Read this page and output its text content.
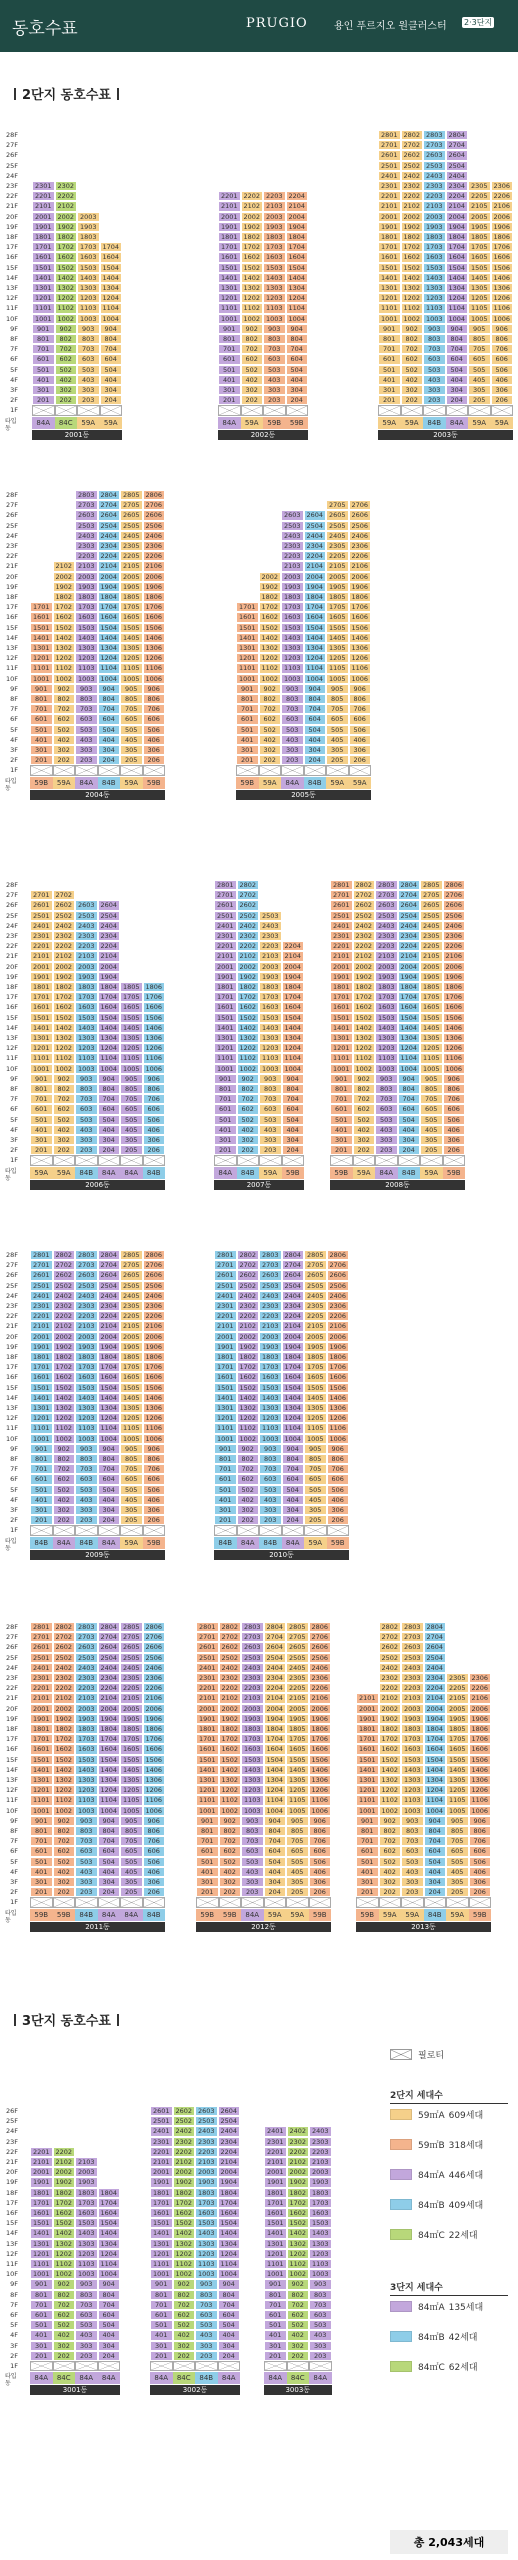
동호수표	PRUGIO	용인 푸르지오 원클러스터 2·3단지
2단지 동호수표
3단지 동호수표
1F
2F
3F
4F
5F
6F
7F
8F
9F
10F
11F
12F
13F
14F
15F
16F
17F
18F
19F
20F
21F
22F
23F
24F
25F
26F
27F
28F
타입
동
201
301
401
501
601
701
801
901
1001
1101
1201
1301
1401
1501
1601
1701
1801
1901
2001
2101
2201
2301
84A
202
302
402
502
602
702
802
902
1002
1102
1202
1302
1402
1502
1602
1702
1802
1902
2002
2102
2202
2302
84C
203
303
403
503
603
703
803
903
1003
1103
1203
1303
1403
1503
1603
1703
1803
1903
2003
59A
204
304
404
504
604
704
804
904
1004
1104
1204
1304
1404
1504
1604
1704
59A
2001동
201
301
401
501
601
701
801
901
1001
1101
1201
1301
1401
1501
1601
1701
1801
1901
2001
2101
2201
84A
202
302
402
502
602
702
802
902
1002
1102
1202
1302
1402
1502
1602
1702
1802
1902
2002
2102
2202
59A
203
303
403
503
603
703
803
903
1003
1103
1203
1303
1403
1503
1603
1703
1803
1903
2003
2103
2203
59B
204
304
404
504
604
704
804
904
1004
1104
1204
1304
1404
1504
1604
1704
1804
1904
2004
2104
2204
59B
2002동
201
301
401
501
601
701
801
901
1001
1101
1201
1301
1401
1501
1601
1701
1801
1901
2001
2101
2201
2301
2401
2501
2601
2701
2801
59A
202
302
402
502
602
702
802
902
1002
1102
1202
1302
1402
1502
1602
1702
1802
1902
2002
2102
2202
2302
2402
2502
2602
2702
2802
59A
203
303
403
503
603
703
803
903
1003
1103
1203
1303
1403
1503
1603
1703
1803
1903
2003
2103
2203
2303
2403
2503
2603
2703
2803
84B
204
304
404
504
604
704
804
904
1004
1104
1204
1304
1404
1504
1604
1704
1804
1904
2004
2104
2204
2304
2404
2504
2604
2704
2804
84A
205
305
405
505
605
705
805
905
1005
1105
1205
1305
1405
1505
1605
1705
1805
1905
2005
2105
2205
2305
59A
206
306
406
506
606
706
806
906
1006
1106
1206
1306
1406
1506
1606
1706
1806
1906
2006
2106
2206
2306
59A
2003동
1F
2F
3F
4F
5F
6F
7F
8F
9F
10F
11F
12F
13F
14F
15F
16F
17F
18F
19F
20F
21F
22F
23F
24F
25F
26F
27F
28F
타입
동
201
301
401
501
601
701
801
901
1001
1101
1201
1301
1401
1501
1601
1701
59B
202
302
402
502
602
702
802
902
1002
1102
1202
1302
1402
1502
1602
1702
1802
1902
2002
2102
59A
203
303
403
503
603
703
803
903
1003
1103
1203
1303
1403
1503
1603
1703
1803
1903
2003
2103
2203
2303
2403
2503
2603
2703
2803
84A
204
304
404
504
604
704
804
904
1004
1104
1204
1304
1404
1504
1604
1704
1804
1904
2004
2104
2204
2304
2404
2504
2604
2704
2804
84B
205
305
405
505
605
705
805
905
1005
1105
1205
1305
1405
1505
1605
1705
1805
1905
2005
2105
2205
2305
2405
2505
2605
2705
2805
59A
206
306
406
506
606
706
806
906
1006
1106
1206
1306
1406
1506
1606
1706
1806
1906
2006
2106
2206
2306
2406
2506
2606
2706
2806
59B
2004동
201
301
401
501
601
701
801
901
1001
1101
1201
1301
1401
1501
1601
1701
59B
202
302
402
502
602
702
802
902
1002
1102
1202
1302
1402
1502
1602
1702
1802
1902
2002
59A
203
303
403
503
603
703
803
903
1003
1103
1203
1303
1403
1503
1603
1703
1803
1903
2003
2103
2203
2303
2403
2503
2603
84A
204
304
404
504
604
704
804
904
1004
1104
1204
1304
1404
1504
1604
1704
1804
1904
2004
2104
2204
2304
2404
2504
2604
84B
205
305
405
505
605
705
805
905
1005
1105
1205
1305
1405
1505
1605
1705
1805
1905
2005
2105
2205
2305
2405
2505
2605
2705
59A
206
306
406
506
606
706
806
906
1006
1106
1206
1306
1406
1506
1606
1706
1806
1906
2006
2106
2206
2306
2406
2506
2606
2706
59A
2005동
1F
2F
3F
4F
5F
6F
7F
8F
9F
10F
11F
12F
13F
14F
15F
16F
17F
18F
19F
20F
21F
22F
23F
24F
25F
26F
27F
28F
타입
동
201
301
401
501
601
701
801
901
1001
1101
1201
1301
1401
1501
1601
1701
1801
1901
2001
2101
2201
2301
2401
2501
2601
2701
59A
202
302
402
502
602
702
802
902
1002
1102
1202
1302
1402
1502
1602
1702
1802
1902
2002
2102
2202
2302
2402
2502
2602
2702
59A
203
303
403
503
603
703
803
903
1003
1103
1203
1303
1403
1503
1603
1703
1803
1903
2003
2103
2203
2303
2403
2503
2603
84B
204
304
404
504
604
704
804
904
1004
1104
1204
1304
1404
1504
1604
1704
1804
1904
2004
2104
2204
2304
2404
2504
2604
84A
205
305
405
505
605
705
805
905
1005
1105
1205
1305
1405
1505
1605
1705
1805
84A
206
306
406
506
606
706
806
906
1006
1106
1206
1306
1406
1506
1606
1706
1806
84B
2006동
201
301
401
501
601
701
801
901
1001
1101
1201
1301
1401
1501
1601
1701
1801
1901
2001
2101
2201
2301
2401
2501
2601
2701
2801
84A
202
302
402
502
602
702
802
902
1002
1102
1202
1302
1402
1502
1602
1702
1802
1902
2002
2102
2202
2302
2402
2502
2602
2702
2802
84B
203
303
403
503
603
703
803
903
1003
1103
1203
1303
1403
1503
1603
1703
1803
1903
2003
2103
2203
2303
2403
2503
59A
204
304
404
504
604
704
804
904
1004
1104
1204
1304
1404
1504
1604
1704
1804
1904
2004
2104
2204
59B
2007동
201
301
401
501
601
701
801
901
1001
1101
1201
1301
1401
1501
1601
1701
1801
1901
2001
2101
2201
2301
2401
2501
2601
2701
2801
59B
202
302
402
502
602
702
802
902
1002
1102
1202
1302
1402
1502
1602
1702
1802
1902
2002
2102
2202
2302
2402
2502
2602
2702
2802
59A
203
303
403
503
603
703
803
903
1003
1103
1203
1303
1403
1503
1603
1703
1803
1903
2003
2103
2203
2303
2403
2503
2603
2703
2803
84A
204
304
404
504
604
704
804
904
1004
1104
1204
1304
1404
1504
1604
1704
1804
1904
2004
2104
2204
2304
2404
2504
2604
2704
2804
84B
205
305
405
505
605
705
805
905
1005
1105
1205
1305
1405
1505
1605
1705
1805
1905
2005
2105
2205
2305
2405
2505
2605
2705
2805
59A
206
306
406
506
606
706
806
906
1006
1106
1206
1306
1406
1506
1606
1706
1806
1906
2006
2106
2206
2306
2406
2506
2606
2706
2806
59B
2008동
1F
2F
3F
4F
5F
6F
7F
8F
9F
10F
11F
12F
13F
14F
15F
16F
17F
18F
19F
20F
21F
22F
23F
24F
25F
26F
27F
28F
타입
동
201
301
401
501
601
701
801
901
1001
1101
1201
1301
1401
1501
1601
1701
1801
1901
2001
2101
2201
2301
2401
2501
2601
2701
2801
84B
202
302
402
502
602
702
802
902
1002
1102
1202
1302
1402
1502
1602
1702
1802
1902
2002
2102
2202
2302
2402
2502
2602
2702
2802
84A
203
303
403
503
603
703
803
903
1003
1103
1203
1303
1403
1503
1603
1703
1803
1903
2003
2103
2203
2303
2403
2503
2603
2703
2803
84B
204
304
404
504
604
704
804
904
1004
1104
1204
1304
1404
1504
1604
1704
1804
1904
2004
2104
2204
2304
2404
2504
2604
2704
2804
84A
205
305
405
505
605
705
805
905
1005
1105
1205
1305
1405
1505
1605
1705
1805
1905
2005
2105
2205
2305
2405
2505
2605
2705
2805
59A
206
306
406
506
606
706
806
906
1006
1106
1206
1306
1406
1506
1606
1706
1806
1906
2006
2106
2206
2306
2406
2506
2606
2706
2806
59B
2009동
201
301
401
501
601
701
801
901
1001
1101
1201
1301
1401
1501
1601
1701
1801
1901
2001
2101
2201
2301
2401
2501
2601
2701
2801
84B
202
302
402
502
602
702
802
902
1002
1102
1202
1302
1402
1502
1602
1702
1802
1902
2002
2102
2202
2302
2402
2502
2602
2702
2802
84A
203
303
403
503
603
703
803
903
1003
1103
1203
1303
1403
1503
1603
1703
1803
1903
2003
2103
2203
2303
2403
2503
2603
2703
2803
84B
204
304
404
504
604
704
804
904
1004
1104
1204
1304
1404
1504
1604
1704
1804
1904
2004
2104
2204
2304
2404
2504
2604
2704
2804
84A
205
305
405
505
605
705
805
905
1005
1105
1205
1305
1405
1505
1605
1705
1805
1905
2005
2105
2205
2305
2405
2505
2605
2705
2805
59A
206
306
406
506
606
706
806
906
1006
1106
1206
1306
1406
1506
1606
1706
1806
1906
2006
2106
2206
2306
2406
2506
2606
2706
2806
59B
2010동
1F
2F
3F
4F
5F
6F
7F
8F
9F
10F
11F
12F
13F
14F
15F
16F
17F
18F
19F
20F
21F
22F
23F
24F
25F
26F
27F
28F
타입
동
201
301
401
501
601
701
801
901
1001
1101
1201
1301
1401
1501
1601
1701
1801
1901
2001
2101
2201
2301
2401
2501
2601
2701
2801
59B
202
302
402
502
602
702
802
902
1002
1102
1202
1302
1402
1502
1602
1702
1802
1902
2002
2102
2202
2302
2402
2502
2602
2702
2802
59B
203
303
403
503
603
703
803
903
1003
1103
1203
1303
1403
1503
1603
1703
1803
1903
2003
2103
2203
2303
2403
2503
2603
2703
2803
84B
204
304
404
504
604
704
804
904
1004
1104
1204
1304
1404
1504
1604
1704
1804
1904
2004
2104
2204
2304
2404
2504
2604
2704
2804
84A
205
305
405
505
605
705
805
905
1005
1105
1205
1305
1405
1505
1605
1705
1805
1905
2005
2105
2205
2305
2405
2505
2605
2705
2805
84A
206
306
406
506
606
706
806
906
1006
1106
1206
1306
1406
1506
1606
1706
1806
1906
2006
2106
2206
2306
2406
2506
2606
2706
2806
84B
2011동
201
301
401
501
601
701
801
901
1001
1101
1201
1301
1401
1501
1601
1701
1801
1901
2001
2101
2201
2301
2401
2501
2601
2701
2801
59B
202
302
402
502
602
702
802
902
1002
1102
1202
1302
1402
1502
1602
1702
1802
1902
2002
2102
2202
2302
2402
2502
2602
2702
2802
59B
203
303
403
503
603
703
803
903
1003
1103
1203
1303
1403
1503
1603
1703
1803
1903
2003
2103
2203
2303
2403
2503
2603
2703
2803
84A
204
304
404
504
604
704
804
904
1004
1104
1204
1304
1404
1504
1604
1704
1804
1904
2004
2104
2204
2304
2404
2504
2604
2704
2804
59A
205
305
405
505
605
705
805
905
1005
1105
1205
1305
1405
1505
1605
1705
1805
1905
2005
2105
2205
2305
2405
2505
2605
2705
2805
59A
206
306
406
506
606
706
806
906
1006
1106
1206
1306
1406
1506
1606
1706
1806
1906
2006
2106
2206
2306
2406
2506
2606
2706
2806
59B
2012동
201
301
401
501
601
701
801
901
1001
1101
1201
1301
1401
1501
1601
1701
1801
1901
2001
2101
59B
202
302
402
502
602
702
802
902
1002
1102
1202
1302
1402
1502
1602
1702
1802
1902
2002
2102
2202
2302
2402
2502
2602
2702
2802
59A
203
303
403
503
603
703
803
903
1003
1103
1203
1303
1403
1503
1603
1703
1803
1903
2003
2103
2203
2303
2403
2503
2603
2703
2803
59A
204
304
404
504
604
704
804
904
1004
1104
1204
1304
1404
1504
1604
1704
1804
1904
2004
2104
2204
2304
2404
2504
2604
2704
2804
84B
205
305
405
505
605
705
805
905
1005
1105
1205
1305
1405
1505
1605
1705
1805
1905
2005
2105
2205
2305
59A
206
306
406
506
606
706
806
906
1006
1106
1206
1306
1406
1506
1606
1706
1806
1906
2006
2106
2206
2306
59B
2013동
1F
2F
3F
4F
5F
6F
7F
8F
9F
10F
11F
12F
13F
14F
15F
16F
17F
18F
19F
20F
21F
22F
23F
24F
25F
26F
타입
동
201
301
401
501
601
701
801
901
1001
1101
1201
1301
1401
1501
1601
1701
1801
1901
2001
2101
2201
84A
202
302
402
502
602
702
802
902
1002
1102
1202
1302
1402
1502
1602
1702
1802
1902
2002
2102
2202
84C
203
303
403
503
603
703
803
903
1003
1103
1203
1303
1403
1503
1603
1703
1803
1903
2003
2103
84A
204
304
404
504
604
704
804
904
1004
1104
1204
1304
1404
1504
1604
1704
1804
84A
3001동
201
301
401
501
601
701
801
901
1001
1101
1201
1301
1401
1501
1601
1701
1801
1901
2001
2101
2201
2301
2401
2501
2601
84A
202
302
402
502
602
702
802
902
1002
1102
1202
1302
1402
1502
1602
1702
1802
1902
2002
2102
2202
2302
2402
2502
2602
84C
203
303
403
503
603
703
803
903
1003
1103
1203
1303
1403
1503
1603
1703
1803
1903
2003
2103
2203
2303
2403
2503
2603
84B
204
304
404
504
604
704
804
904
1004
1104
1204
1304
1404
1504
1604
1704
1804
1904
2004
2104
2204
2304
2404
2504
2604
84A
3002동
201
301
401
501
601
701
801
901
1001
1101
1201
1301
1401
1501
1601
1701
1801
1901
2001
2101
2201
2301
2401
84A
202
302
402
502
602
702
802
902
1002
1102
1202
1302
1402
1502
1602
1702
1802
1902
2002
2102
2202
2302
2402
84C
203
303
403
503
603
703
803
903
1003
1103
1203
1303
1403
1503
1603
1703
1803
1903
2003
2103
2203
2303
2403
84A
3003동
필로티
2단지 세대수
59㎡A 609세대
59㎡B 318세대
84㎡A 446세대
84㎡B 409세대
84㎡C 22세대
3단지 세대수
84㎡A 135세대
84㎡B 42세대
84㎡C 62세대
총 2,043세대
